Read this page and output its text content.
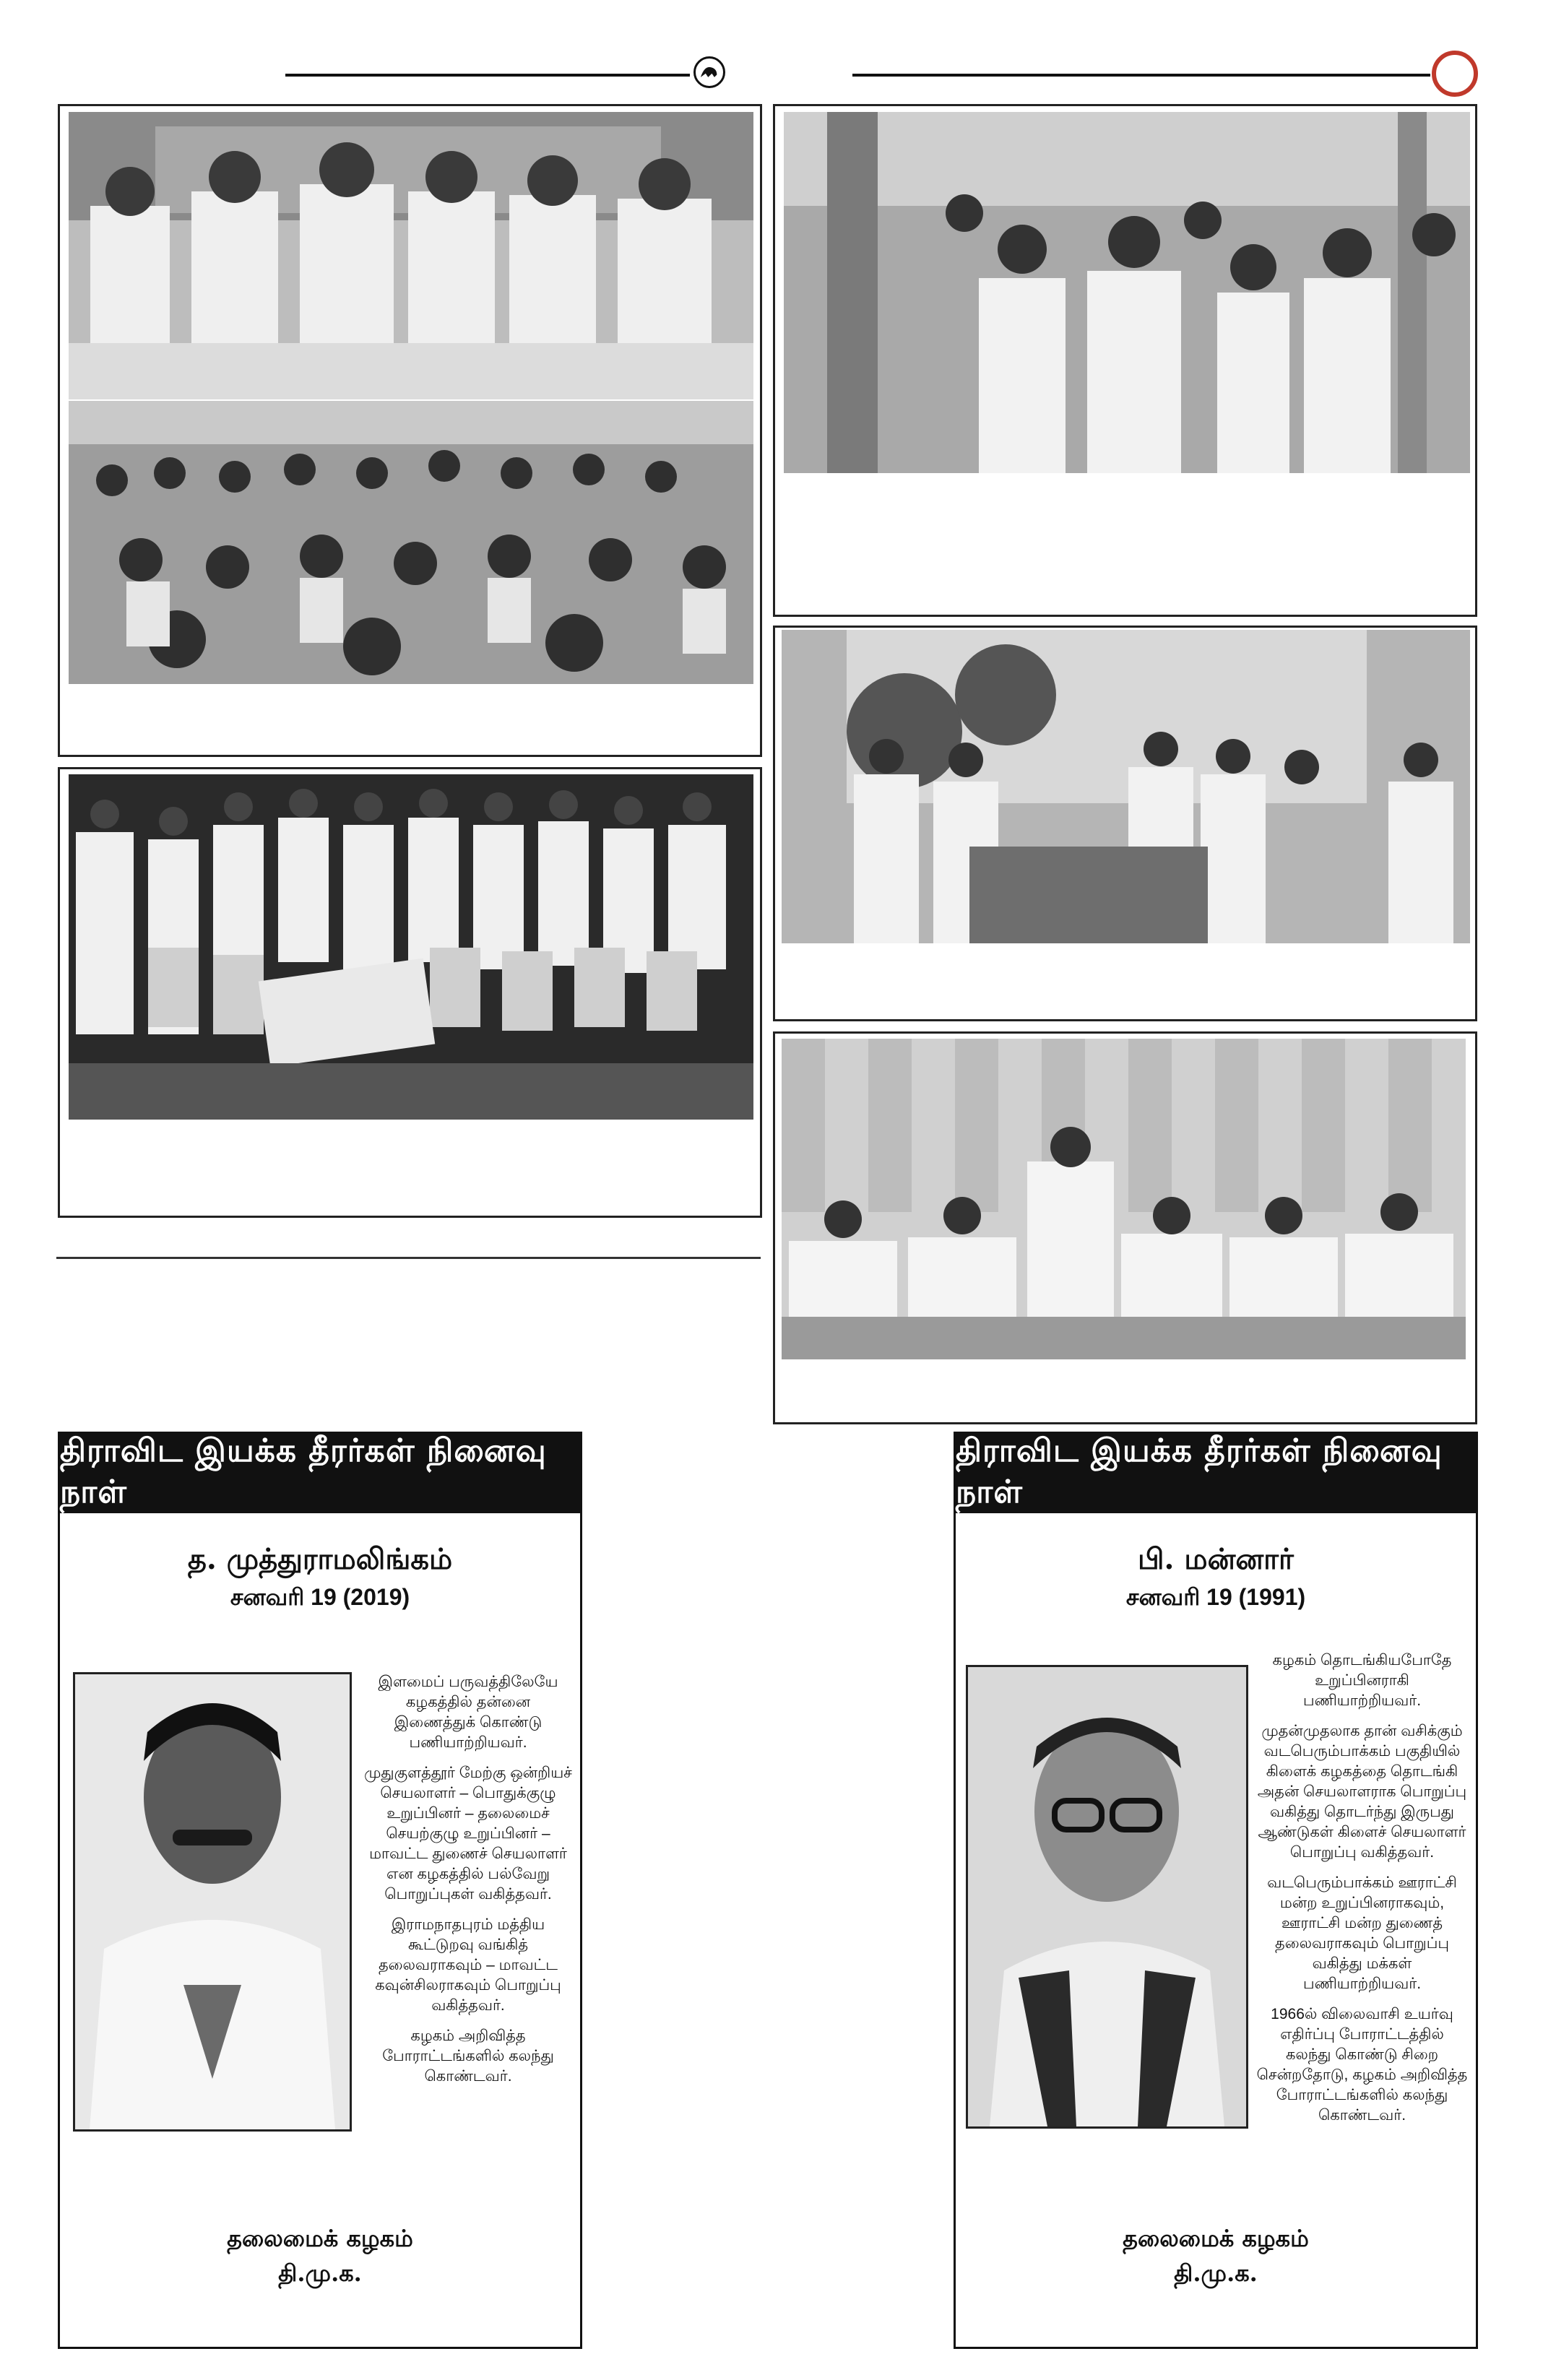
திராவிட இயக்க தீரர்கள் நினைவு நாள்
த. முத்துராமலிங்கம்
சனவரி 19 (2019)

இளமைப் பருவத்திலேயே கழகத்தில் தன்னை இணைத்துக் கொண்டு பணியாற்றியவர்.

முதுகுளத்தூர் மேற்கு ஒன்றியச் செயலாளர் – பொதுக்குழு உறுப்பினர் – தலைமைச் செயற்குழு உறுப்பினர் – மாவட்ட துணைச் செயலாளர் என கழகத்தில் பல்வேறு பொறுப்புகள் வகித்தவர்.

இராமநாதபுரம் மத்திய கூட்டுறவு வங்கித் தலைவராகவும் – மாவட்ட கவுன்சிலராகவும் பொறுப்பு வகித்தவர்.

கழகம் அறிவித்த போராட்டங்களில் கலந்து கொண்டவர்.

தலைமைக் கழகம்
தி.மு.க.
திராவிட இயக்க தீரர்கள் நினைவு நாள்
பி. மன்னார்
சனவரி 19 (1991)

கழகம் தொடங்கியபோதே உறுப்பினராகி பணியாற்றியவர்.

முதன்முதலாக தான் வசிக்கும் வடபெரும்பாக்கம் பகுதியில் கிளைக் கழகத்தை தொடங்கி அதன் செயலாளராக பொறுப்பு வகித்து தொடர்ந்து இருபது ஆண்டுகள் கிளைச் செயலாளர் பொறுப்பு வகித்தவர்.

வடபெரும்பாக்கம் ஊராட்சி மன்ற உறுப்பினராகவும், ஊராட்சி மன்ற துணைத் தலைவராகவும் பொறுப்பு வகித்து மக்கள் பணியாற்றியவர்.

1966ல் விலைவாசி உயர்வு எதிர்ப்பு போராட்டத்தில் கலந்து கொண்டு சிறை சென்றதோடு, கழகம் அறிவித்த போராட்டங்களில் கலந்து கொண்டவர்.

தலைமைக் கழகம்
தி.மு.க.
